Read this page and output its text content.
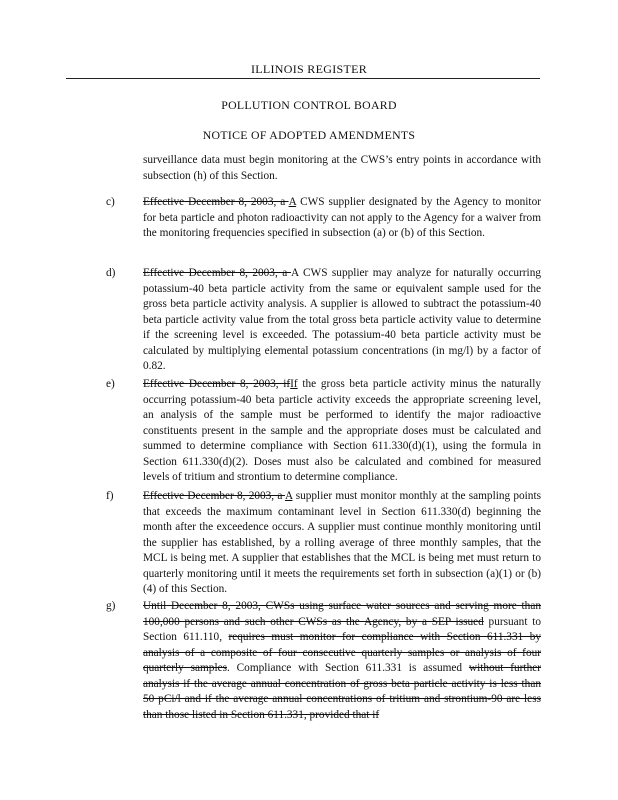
ILLINOIS REGISTER
POLLUTION CONTROL BOARD
NOTICE OF ADOPTED AMENDMENTS
surveillance data must begin monitoring at the CWS’s entry points in accordance with subsection (h) of this Section.
c) Effective December 8, 2003, a A CWS supplier designated by the Agency to monitor for beta particle and photon radioactivity can not apply to the Agency for a waiver from the monitoring frequencies specified in subsection (a) or (b) of this Section.
d) Effective December 8, 2003, a A CWS supplier may analyze for naturally occurring potassium-40 beta particle activity from the same or equivalent sample used for the gross beta particle activity analysis. A supplier is allowed to subtract the potassium-40 beta particle activity value from the total gross beta particle activity value to determine if the screening level is exceeded. The potassium-40 beta particle activity must be calculated by multiplying elemental potassium concentrations (in mg/l) by a factor of 0.82.
e) Effective December 8, 2003, ifIf the gross beta particle activity minus the naturally occurring potassium-40 beta particle activity exceeds the appropriate screening level, an analysis of the sample must be performed to identify the major radioactive constituents present in the sample and the appropriate doses must be calculated and summed to determine compliance with Section 611.330(d)(1), using the formula in Section 611.330(d)(2). Doses must also be calculated and combined for measured levels of tritium and strontium to determine compliance.
f)	Effective December 8, 2003, a A supplier must monitor monthly at the sampling points that exceeds the maximum contaminant level in Section 611.330(d) beginning the month after the exceedence occurs. A supplier must continue monthly monitoring until the supplier has established, by a rolling average of three monthly samples, that the MCL is being met. A supplier that establishes that the MCL is being met must return to quarterly monitoring until it meets the requirements set forth in subsection (a)(1) or (b)(4) of this Section.
g) Until December 8, 2003, CWSs using surface water sources and serving more than 100,000 persons and such other CWSs as the Agency, by a SEP issued pursuant to Section 611.110, requires must monitor for compliance with Section 611.331 by analysis of a composite of four consecutive quarterly samples or analysis of four quarterly samples. Compliance with Section 611.331 is assumed without further analysis if the average annual concentration of gross beta particle activity is less than 50 pCi/l and if the average annual concentrations of tritium and strontium-90 are less than those listed in Section 611.331, provided that if
